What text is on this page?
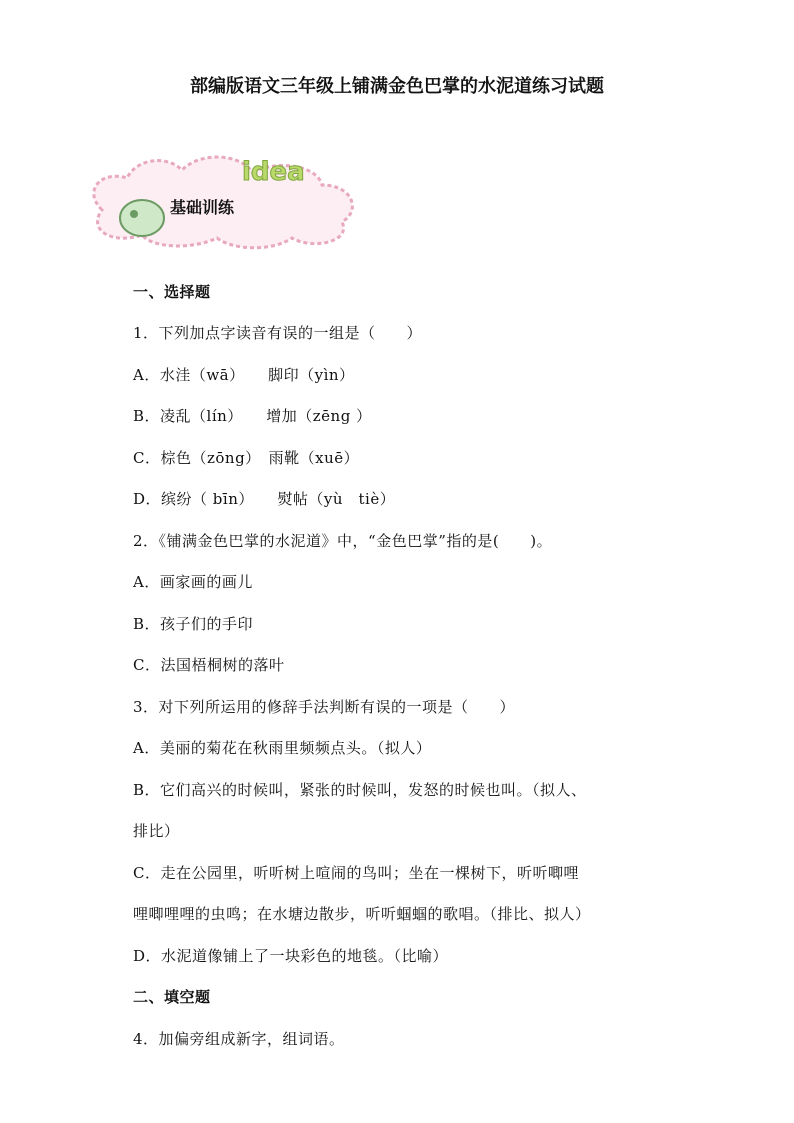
部编版语文三年级上铺满金色巴掌的水泥道练习试题
idea
基础训练
一、选择题
1．下列加点字读音有误的一组是（　　）
A．水洼（wā）　　脚印（yìn）
B．凌乱（lín）　　增加（zēng ）
C．棕色（zōng）　雨靴（xuē）
D．缤纷（ bīn）　　熨帖（yù　tiè）
2．《铺满金色巴掌的水泥道》中，“金色巴掌”指的是(　　)。
A．画家画的画儿
B．孩子们的手印
C．法国梧桐树的落叶
3．对下列所运用的修辞手法判断有误的一项是（　　）
A．美丽的菊花在秋雨里频频点头。（拟人）
B．它们高兴的时候叫，紧张的时候叫，发怒的时候也叫。（拟人、
排比）
C．走在公园里，听听树上喧闹的鸟叫；坐在一棵树下，听听唧哩
哩唧哩哩的虫鸣；在水塘边散步，听听蝈蝈的歌唱。（排比、拟人）
D．水泥道像铺上了一块彩色的地毯。（比喻）
二、填空题
4．加偏旁组成新字，组词语。
